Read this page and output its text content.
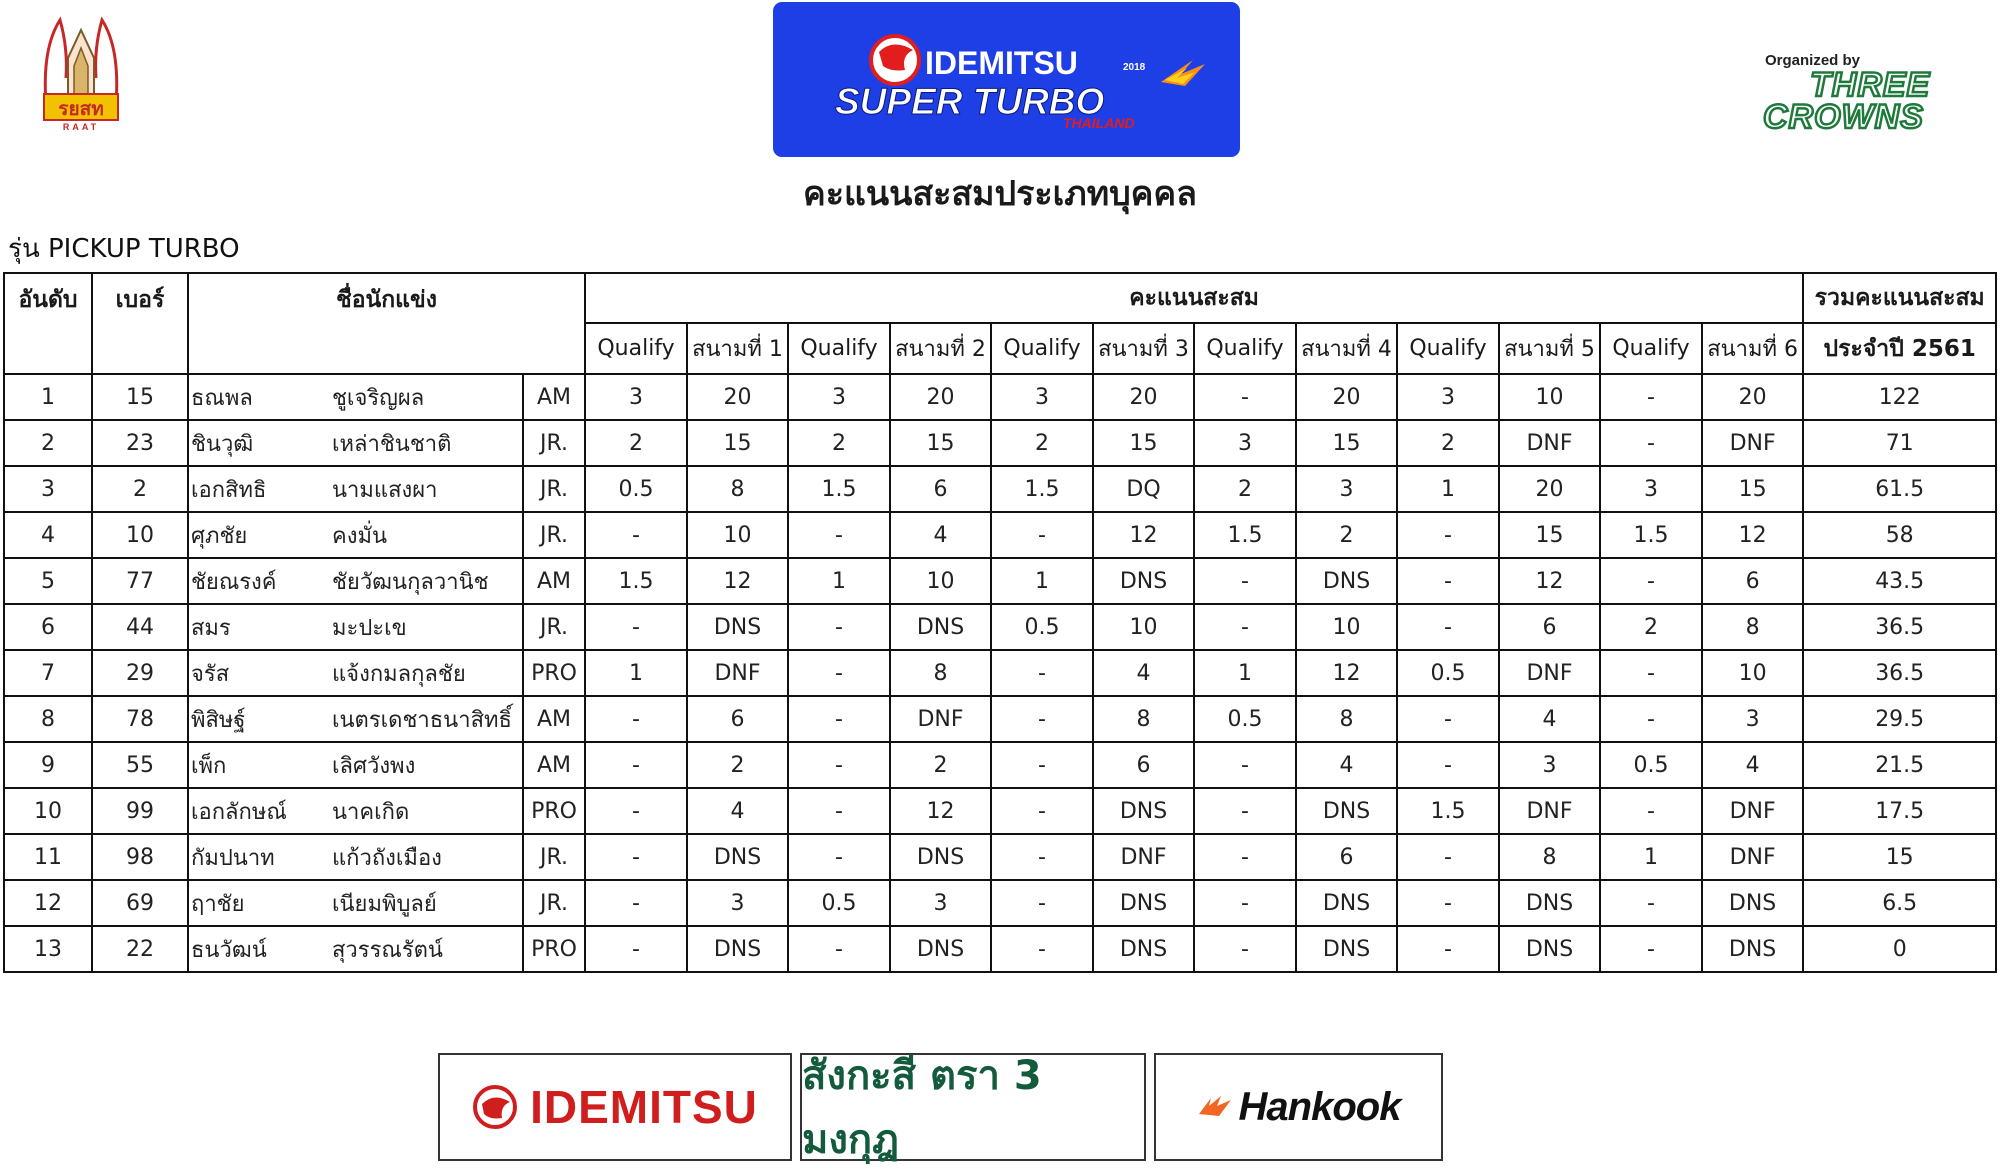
รยสท
RAAT
IDEMITSU	2018
SUPER TURBO
THAILAND
Organized by
THREE
CROWNS
คะแนนสะสมประเภทบุคคล
รุ่น PICKUP TURBO
อันดับ	เบอร์	ชื่อนักแข่ง			คะแนนสะสม												รวมคะแนนสะสม
					Qualify	สนามที่ 1	Qualify	สนามที่ 2	Qualify	สนามที่ 3	Qualify	สนามที่ 4	Qualify	สนามที่ 5	Qualify	สนามที่ 6	ประจำปี 2561
1	15	ธณพล	ชูเจริญผล	AM	3	20	3	20	3	20	-	20	3	10	-	20	122
2	23	ชินวุฒิ	เหล่าชินชาติ	JR.	2	15	2	15	2	15	3	15	2	DNF	-	DNF	71
3	2	เอกสิทธิ	นามแสงผา	JR.	0.5	8	1.5	6	1.5	DQ	2	3	1	20	3	15	61.5
4	10	ศุภชัย	คงมั่น	JR.	-	10	-	4	-	12	1.5	2	-	15	1.5	12	58
5	77	ชัยณรงค์	ชัยวัฒนกุลวานิช	AM	1.5	12	1	10	1	DNS	-	DNS	-	12	-	6	43.5
6	44	สมร	มะปะเข	JR.	-	DNS	-	DNS	0.5	10	-	10	-	6	2	8	36.5
7	29	จรัส	แจ้งกมลกุลชัย	PRO	1	DNF	-	8	-	4	1	12	0.5	DNF	-	10	36.5
8	78	พิสิษฐ์	เนตรเดชาธนาสิทธิ์	AM	-	6	-	DNF	-	8	0.5	8	-	4	-	3	29.5
9	55	เพ็ก	เลิศวังพง	AM	-	2	-	2	-	6	-	4	-	3	0.5	4	21.5
10	99	เอกลักษณ์	นาคเกิด	PRO	-	4	-	12	-	DNS	-	DNS	1.5	DNF	-	DNF	17.5
11	98	กัมปนาท	แก้วถังเมือง	JR.	-	DNS	-	DNS	-	DNF	-	6	-	8	1	DNF	15
12	69	ฤาชัย	เนียมพิบูลย์	JR.	-	3	0.5	3	-	DNS	-	DNS	-	DNS	-	DNS	6.5
13	22	ธนวัฒน์	สุวรรณรัตน์	PRO	-	DNS	-	DNS	-	DNS	-	DNS	-	DNS	-	DNS	0
IDEMITSU
สังกะสี ตรา 3 มงกุฎ
Hankook
